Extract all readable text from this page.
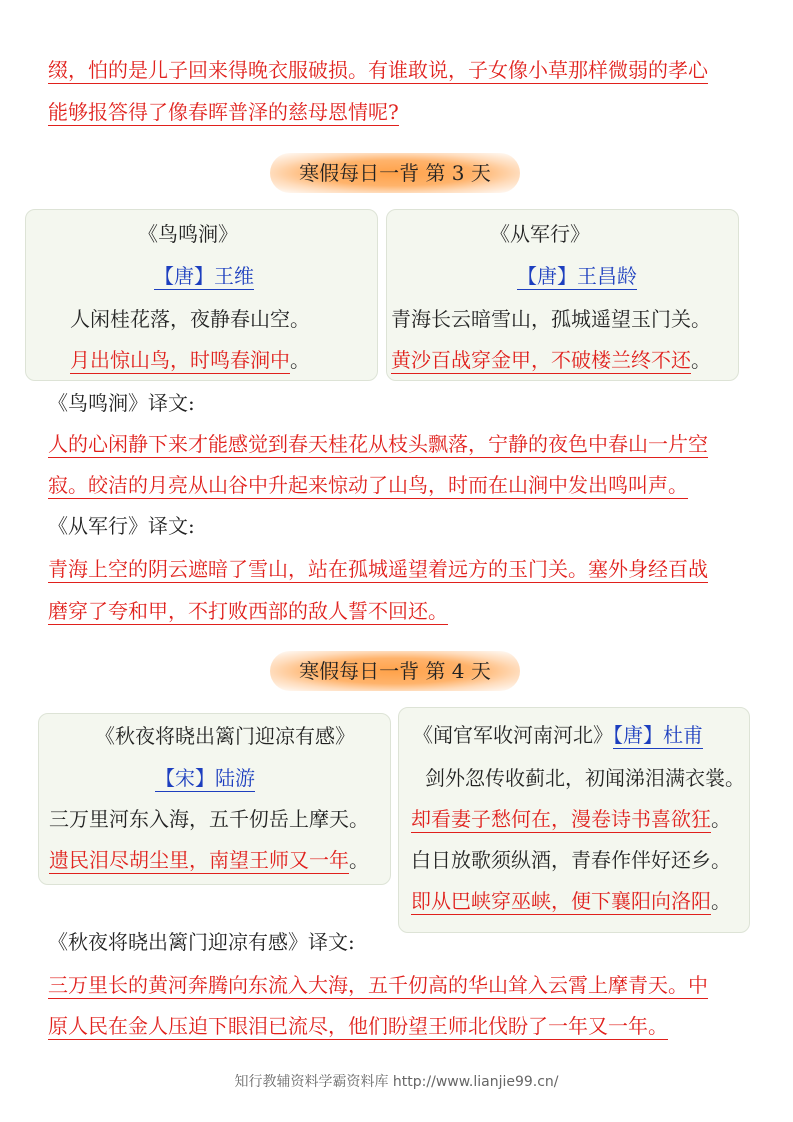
缀，怕的是儿子回来得晚衣服破损。有谁敢说，子女像小草那样微弱的孝心
能够报答得了像春晖普泽的慈母恩情呢?
寒假每日一背 第 3 天
《鸟鸣涧》
【唐】王维
人闲桂花落，夜静春山空。
月出惊山鸟，时鸣春涧中。
《从军行》
【唐】王昌龄
青海长云暗雪山，孤城遥望玉门关。
黄沙百战穿金甲，不破楼兰终不还。
《鸟鸣涧》译文:
人的心闲静下来才能感觉到春天桂花从枝头飘落，宁静的夜色中春山一片空
寂。皎洁的月亮从山谷中升起来惊动了山鸟，时而在山涧中发出鸣叫声。
《从军行》译文:
青海上空的阴云遮暗了雪山，站在孤城遥望着远方的玉门关。塞外身经百战
磨穿了夸和甲，不打败西部的敌人誓不回还。
寒假每日一背 第 4 天
《秋夜将晓出篱门迎凉有感》
【宋】陆游
三万里河东入海，五千仞岳上摩天。
遗民泪尽胡尘里，南望王师又一年。
《闻官军收河南河北》【唐】杜甫
剑外忽传收蓟北，初闻涕泪满衣裳。
却看妻子愁何在，漫卷诗书喜欲狂。
白日放歌须纵酒，青春作伴好还乡。
即从巴峡穿巫峡，便下襄阳向洛阳。
《秋夜将晓出篱门迎凉有感》译文:
三万里长的黄河奔腾向东流入大海，五千仞高的华山耸入云霄上摩青天。中
原人民在金人压迫下眼泪已流尽，他们盼望王师北伐盼了一年又一年。
知行教辅资料学霸资料库 http://www.lianjie99.cn/
